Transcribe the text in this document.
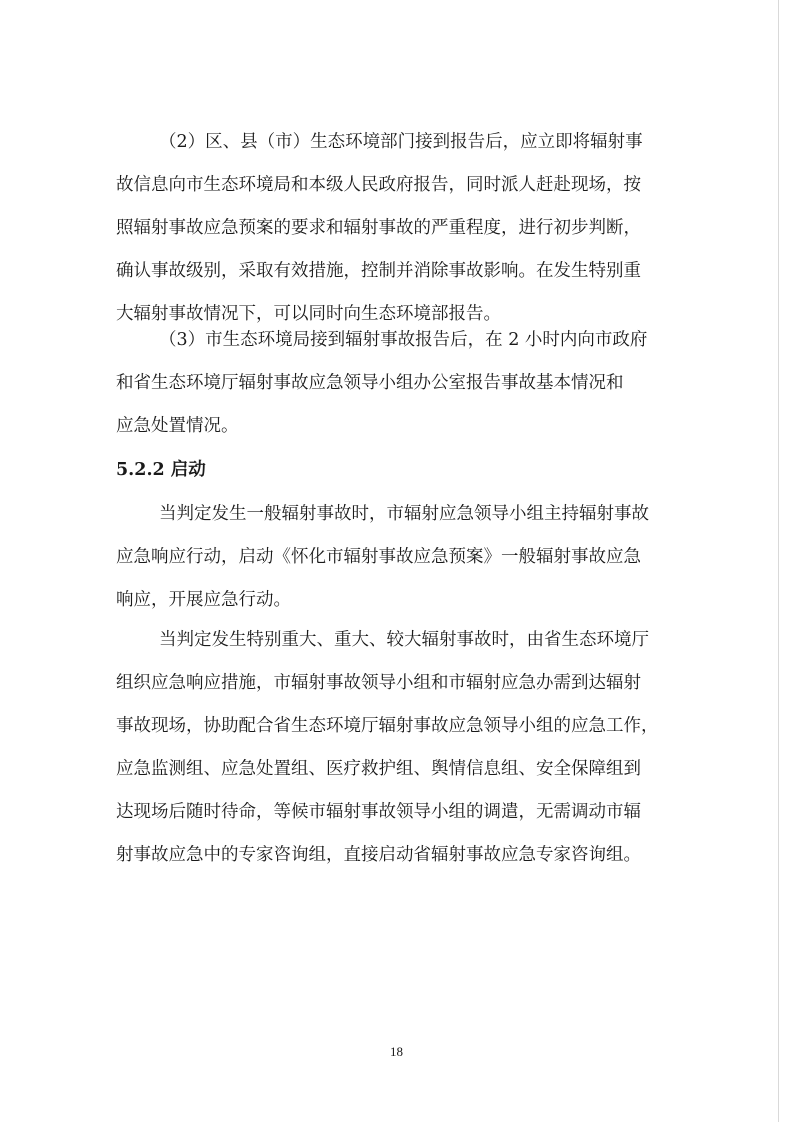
（2）区、县（市）生态环境部门接到报告后，应立即将辐射事
故信息向市生态环境局和本级人民政府报告，同时派人赶赴现场，按
照辐射事故应急预案的要求和辐射事故的严重程度，进行初步判断，
确认事故级别，采取有效措施，控制并消除事故影响。在发生特别重
大辐射事故情况下，可以同时向生态环境部报告。
（3）市生态环境局接到辐射事故报告后，在 2 小时内向市政府
和省生态环境厅辐射事故应急领导小组办公室报告事故基本情况和
应急处置情况。
5.2.2 启动
当判定发生一般辐射事故时，市辐射应急领导小组主持辐射事故
应急响应行动，启动《怀化市辐射事故应急预案》一般辐射事故应急
响应，开展应急行动。
当判定发生特别重大、重大、较大辐射事故时，由省生态环境厅
组织应急响应措施，市辐射事故领导小组和市辐射应急办需到达辐射
事故现场，协助配合省生态环境厅辐射事故应急领导小组的应急工作，
应急监测组、应急处置组、医疗救护组、舆情信息组、安全保障组到
达现场后随时待命，等候市辐射事故领导小组的调遣，无需调动市辐
射事故应急中的专家咨询组，直接启动省辐射事故应急专家咨询组。
18
